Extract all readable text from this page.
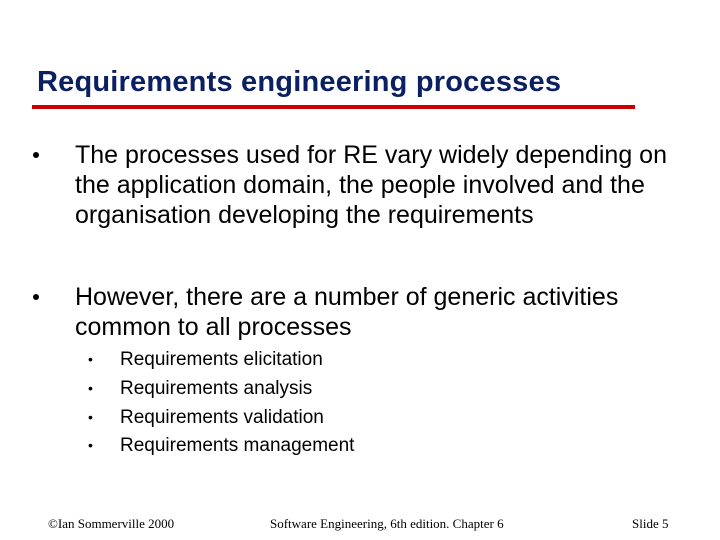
Requirements engineering processes
The processes used for RE vary widely depending on the application domain, the people involved and the organisation developing the requirements
However, there are a number of generic activities common to all processes
• Requirements elicitation
• Requirements analysis
• Requirements validation
• Requirements management
©Ian Sommerville 2000	Software Engineering, 6th edition. Chapter 6	Slide 5
